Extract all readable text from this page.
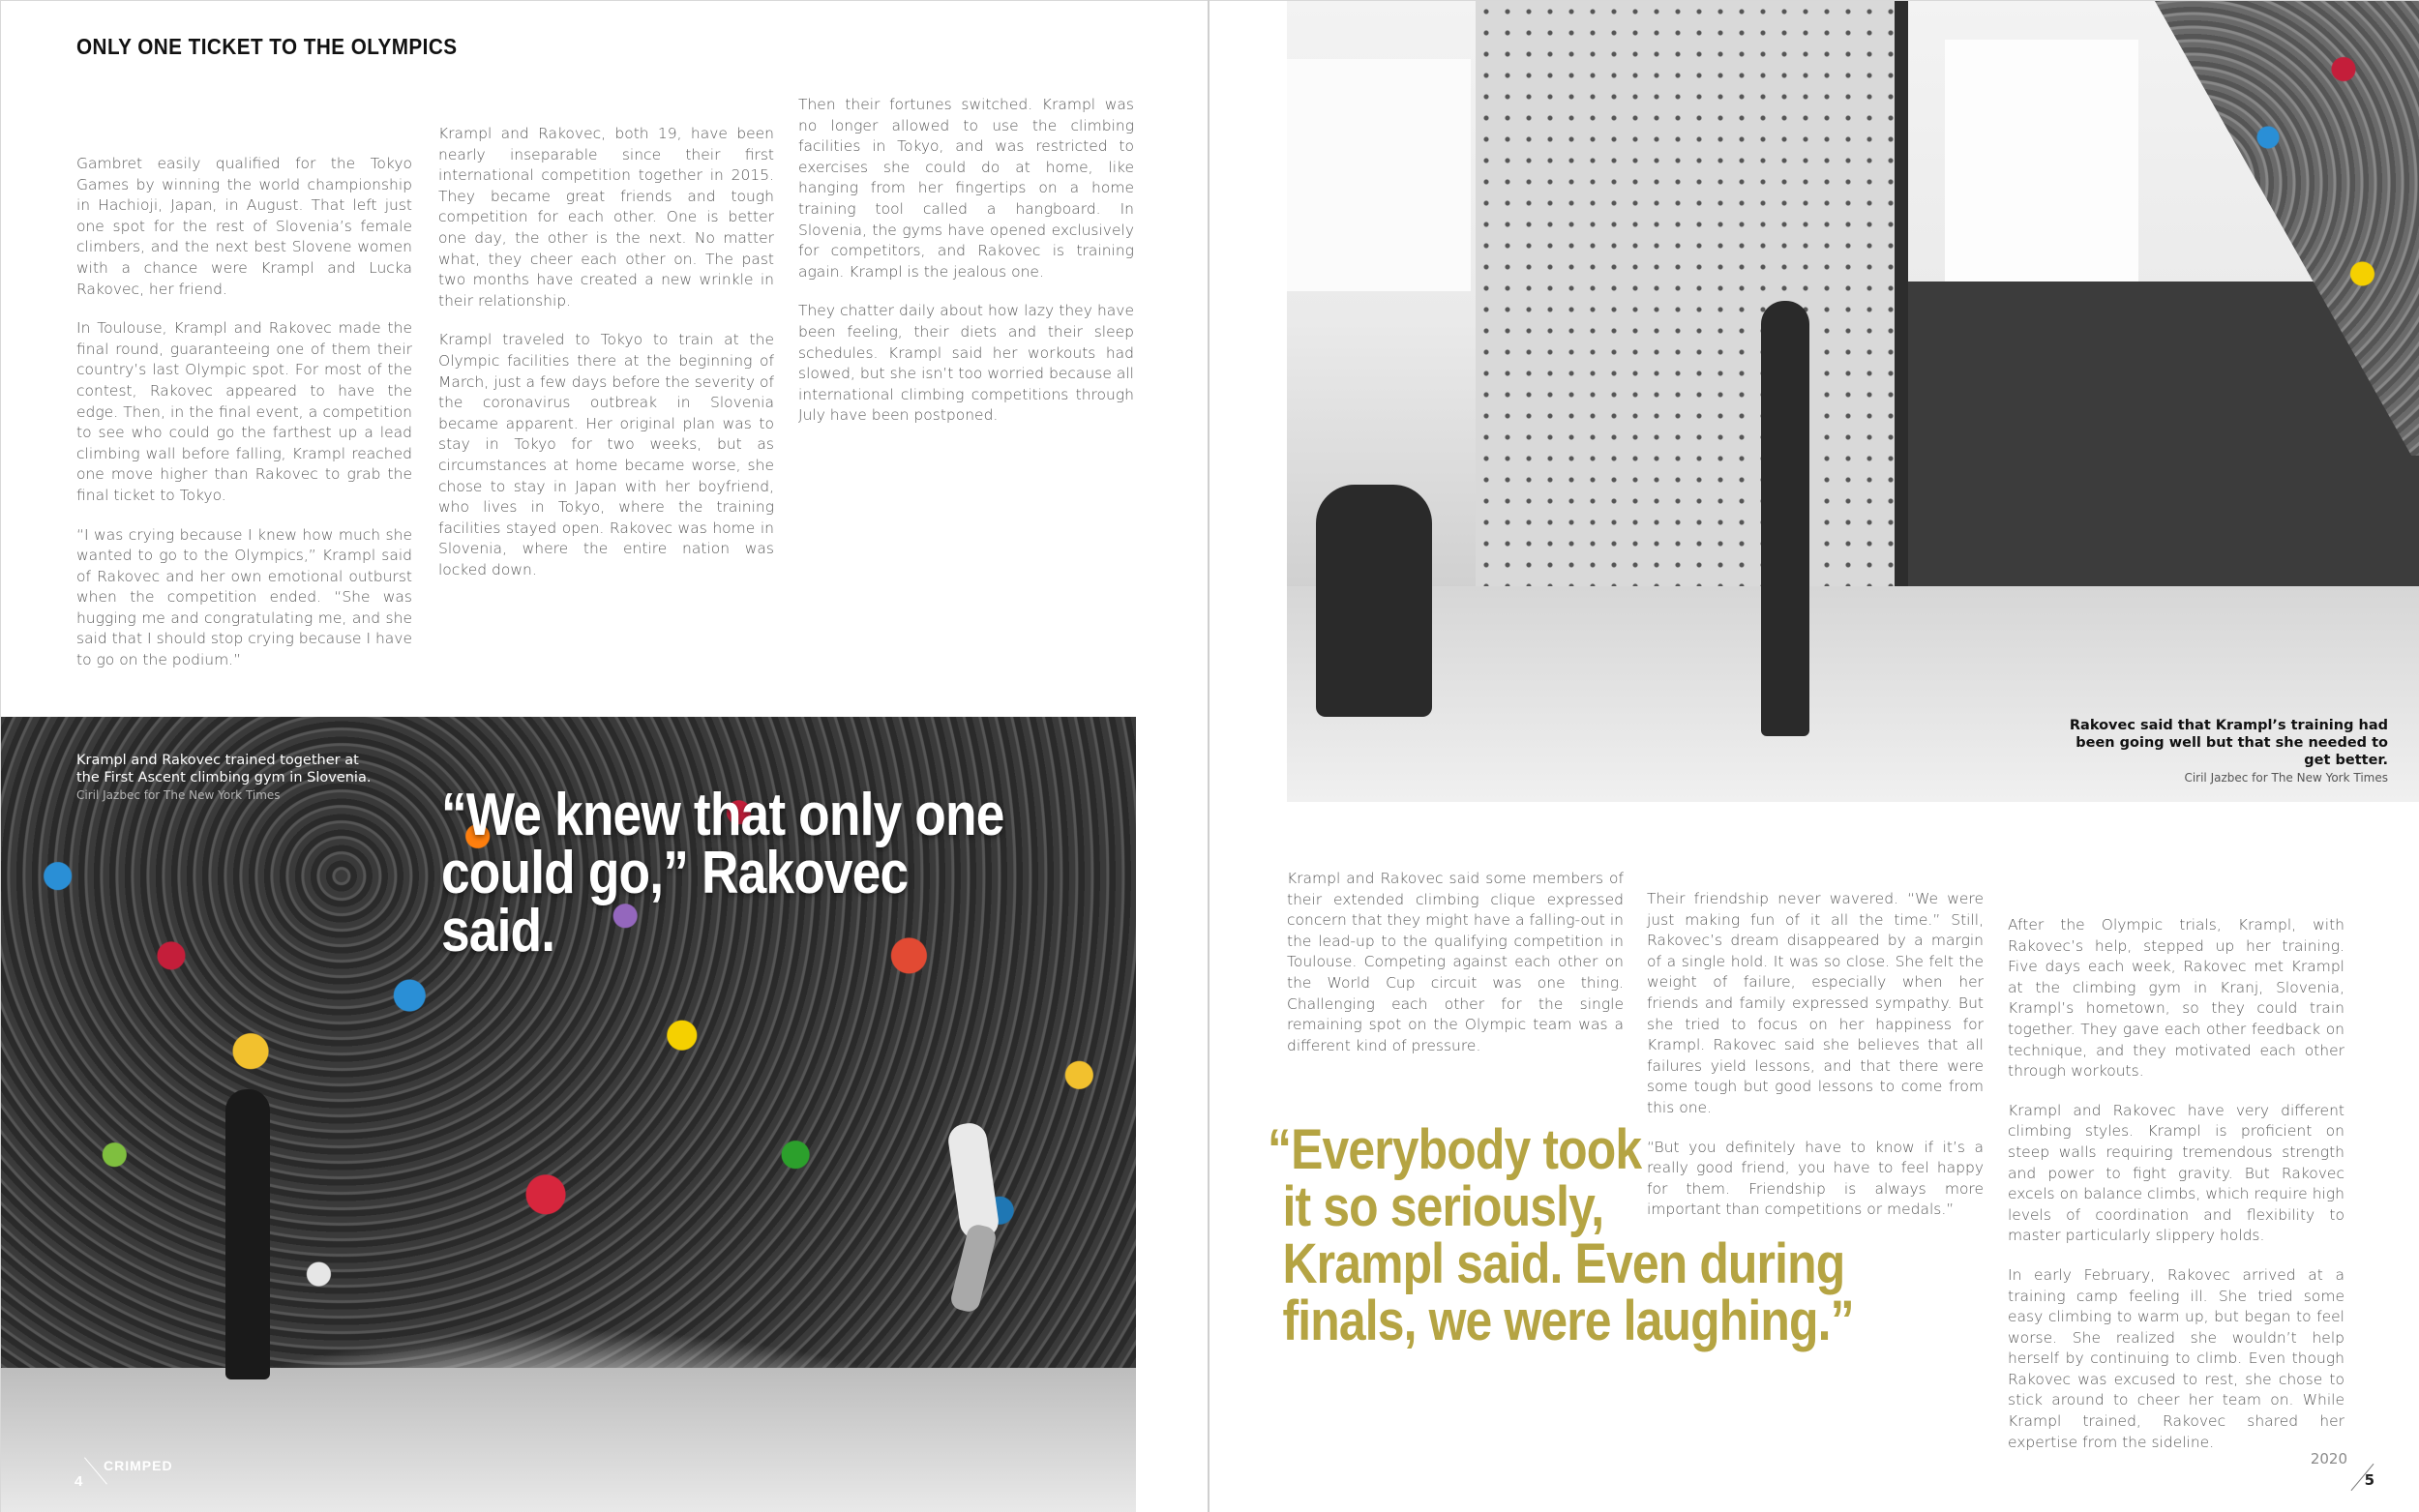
ONLY ONE TICKET TO THE OLYMPICS

Gambret easily qualified for the Tokyo Games by winning the world championship in Hachioji, Japan, in August. That left just one spot for the rest of Slovenia’s female climbers, and the next best Slovene women with a chance were Krampl and Lucka Rakovec, her friend.

In Toulouse, Krampl and Rakovec made the final round, guaranteeing one of them their country’s last Olympic spot. For most of the contest, Rakovec appeared to have the edge. Then, in the final event, a competition to see who could go the farthest up a lead climbing wall before falling, Krampl reached one move higher than Rakovec to grab the final ticket to Tokyo.

“I was crying because I knew how much she wanted to go to the Olympics,” Krampl said of Rakovec and her own emotional outburst when the competition ended. “She was hugging me and congratulating me, and she said that I should stop crying because I have to go on the podium.”

Krampl and Rakovec, both 19, have been nearly inseparable since their first international competition together in 2015. They became great friends and tough competition for each other. One is better one day, the other is the next. No matter what, they cheer each other on. The past two months have created a new wrinkle in their relationship.

Krampl traveled to Tokyo to train at the Olympic facilities there at the beginning of March, just a few days before the severity of the coronavirus outbreak in Slovenia became apparent. Her original plan was to stay in Tokyo for two weeks, but as circumstances at home became worse, she chose to stay in Japan with her boyfriend, who lives in Tokyo, where the training facilities stayed open. Rakovec was home in Slovenia, where the entire nation was locked down.

Then their fortunes switched. Krampl was no longer allowed to use the climbing facilities in Tokyo, and was restricted to exercises she could do at home, like hanging from her fingertips on a home training tool called a hangboard. In Slovenia, the gyms have opened exclusively for competitors, and Rakovec is training again. Krampl is the jealous one.

They chatter daily about how lazy they have been feeling, their diets and their sleep schedules. Krampl said her workouts had slowed, but she isn’t too worried because all international climbing competitions through July have been postponed.

Krampl and Rakovec trained together at the First Ascent climbing gym in Slovenia.
Ciril Jazbec for The New York Times	“We knew that only one could go,” Rakovec said.
CRIMPED
4
Rakovec said that Krampl’s training had been going well but that she needed to get better.
Ciril Jazbec for The New York Times

Krampl and Rakovec said some members of their extended climbing clique expressed concern that they might have a falling-out in the lead-up to the qualifying competition in Toulouse. Competing against each other on the World Cup circuit was one thing. Challenging each other for the single remaining spot on the Olympic team was a different kind of pressure.

Their friendship never wavered. “We were just making fun of it all the time.” Still, Rakovec’s dream disappeared by a margin of a single hold. It was so close. She felt the weight of failure, especially when her friends and family expressed sympathy. But she tried to focus on her happiness for Krampl. Rakovec said she believes that all failures yield lessons, and that there were some tough but good lessons to come from this one.

“But you definitely have to know if it’s a really good friend, you have to feel happy for them. Friendship is always more important than competitions or medals.”

After the Olympic trials, Krampl, with Rakovec’s help, stepped up her training. Five days each week, Rakovec met Krampl at the climbing gym in Kranj, Slovenia, Krampl’s hometown, so they could train together. They gave each other feedback on technique, and they motivated each other through workouts.

Krampl and Rakovec have very different climbing styles. Krampl is proficient on steep walls requiring tremendous strength and power to fight gravity. But Rakovec excels on balance climbs, which require high levels of coordination and flexibility to master particularly slippery holds.

In early February, Rakovec arrived at a training camp feeling ill. She tried some easy climbing to warm up, but began to feel worse. She realized she wouldn’t help herself by continuing to climb. Even though Rakovec was excused to rest, she chose to stick around to cheer her team on. While Krampl trained, Rakovec shared her expertise from the sideline.

“Everybody took
it so seriously,
Krampl said. Even during
finals, we were laughing.”
2020
5
